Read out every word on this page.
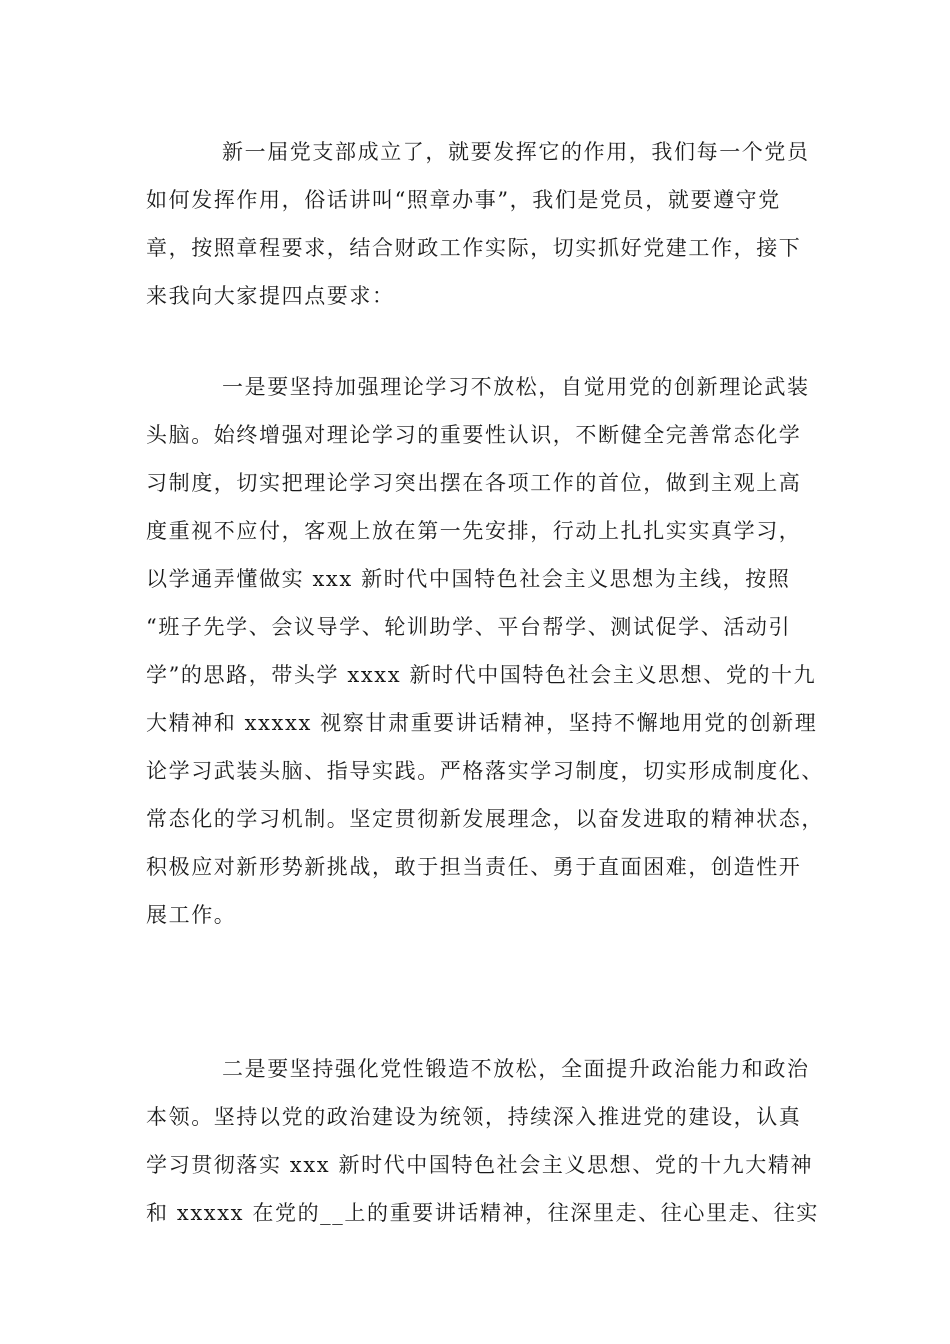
新一届党支部成立了，就要发挥它的作用，我们每一个党员
如何发挥作用，俗话讲叫“照章办事”，我们是党员，就要遵守党
章，按照章程要求，结合财政工作实际，切实抓好党建工作，接下
来我向大家提四点要求：
一是要坚持加强理论学习不放松，自觉用党的创新理论武装
头脑。始终增强对理论学习的重要性认识，不断健全完善常态化学
习制度，切实把理论学习突出摆在各项工作的首位，做到主观上高
度重视不应付，客观上放在第一先安排，行动上扎扎实实真学习，
以学通弄懂做实 xxx 新时代中国特色社会主义思想为主线，按照
“班子先学、会议导学、轮训助学、平台帮学、测试促学、活动引
学”的思路，带头学 xxxx 新时代中国特色社会主义思想、党的十九
大精神和 xxxxx 视察甘肃重要讲话精神，坚持不懈地用党的创新理
论学习武装头脑、指导实践。严格落实学习制度，切实形成制度化、
常态化的学习机制。坚定贯彻新发展理念，以奋发进取的精神状态，
积极应对新形势新挑战，敢于担当责任、勇于直面困难，创造性开
展工作。
二是要坚持强化党性锻造不放松，全面提升政治能力和政治
本领。坚持以党的政治建设为统领，持续深入推进党的建设，认真
学习贯彻落实 xxx 新时代中国特色社会主义思想、党的十九大精神
和 xxxxx 在党的__上的重要讲话精神，往深里走、往心里走、往实
